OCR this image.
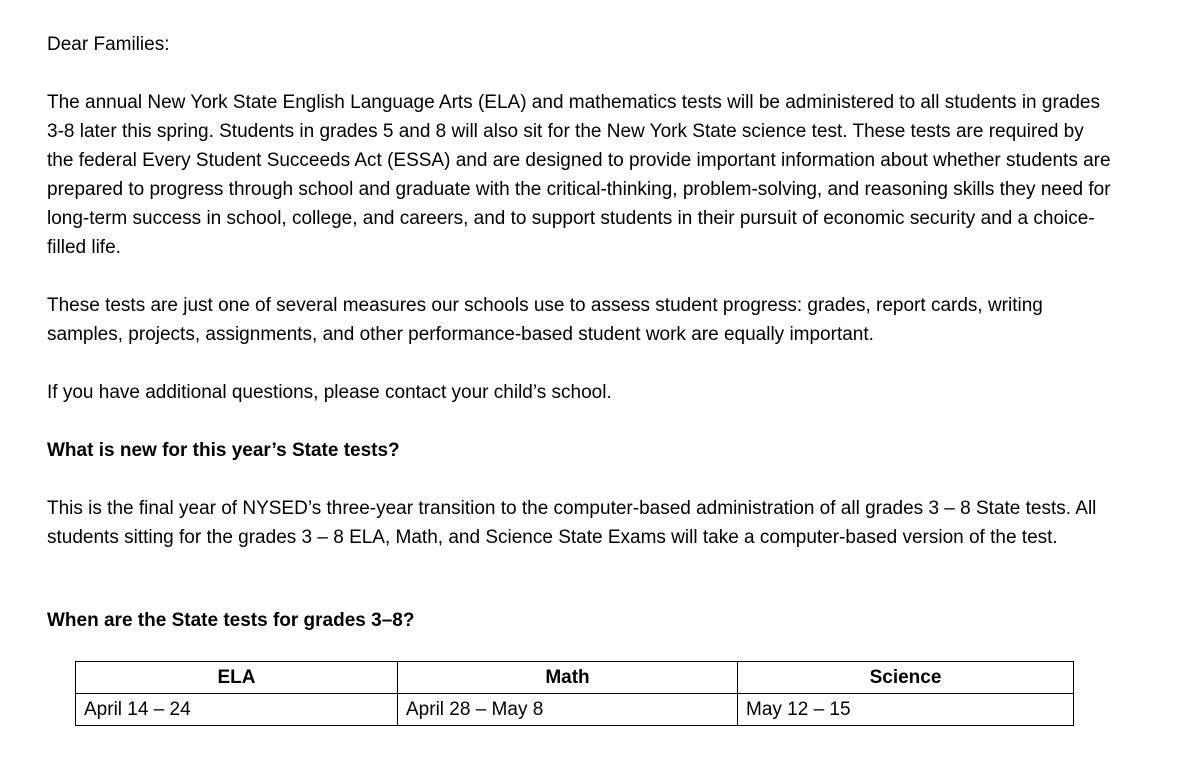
Dear Families:

The annual New York State English Language Arts (ELA) and mathematics tests will be administered to all students in grades 3-8 later this spring. Students in grades 5 and 8 will also sit for the New York State science test. These tests are required by the federal Every Student Succeeds Act (ESSA) and are designed to provide important information about whether students are prepared to progress through school and graduate with the critical-thinking, problem-solving, and reasoning skills they need for long-term success in school, college, and careers, and to support students in their pursuit of economic security and a choice-filled life.

These tests are just one of several measures our schools use to assess student progress: grades, report cards, writing samples, projects, assignments, and other performance-based student work are equally important.

If you have additional questions, please contact your child’s school.

What is new for this year’s State tests?

This is the final year of NYSED’s three-year transition to the computer-based administration of all grades 3 – 8 State tests. All students sitting for the grades 3 – 8 ELA, Math, and Science State Exams will take a computer-based version of the test.

When are the State tests for grades 3–8?
ELA	Math	Science
April 14 – 24	April 28 – May 8	May 12 – 15
